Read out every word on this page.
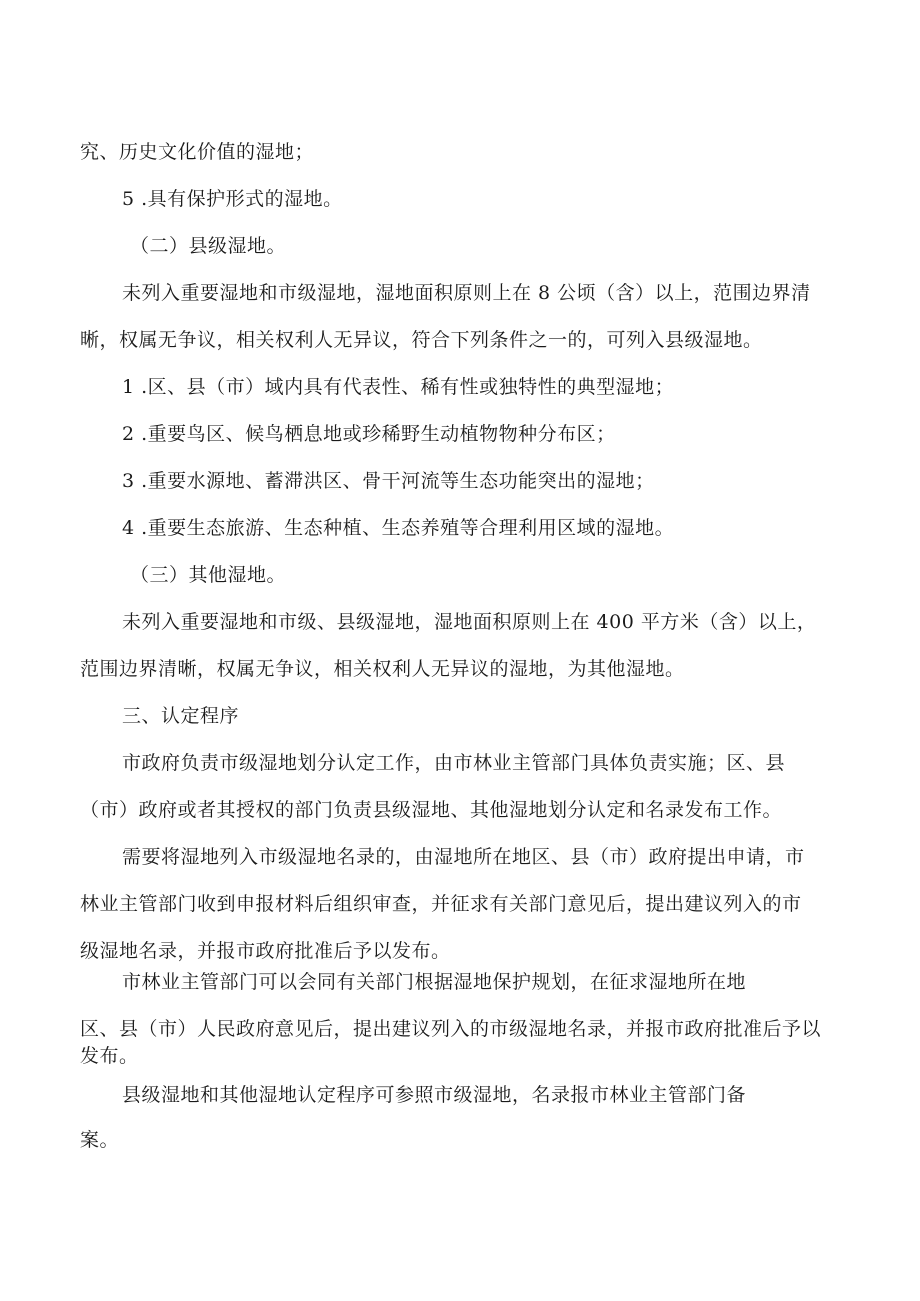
究、历史文化价值的湿地；
5 .具有保护形式的湿地。
（二）县级湿地。
未列入重要湿地和市级湿地，湿地面积原则上在 8 公顷（含）以上，范围边界清
晰，权属无争议，相关权利人无异议，符合下列条件之一的，可列入县级湿地。
1 .区、县（市）域内具有代表性、稀有性或独特性的典型湿地；
2 .重要鸟区、候鸟栖息地或珍稀野生动植物物种分布区；
3 .重要水源地、蓄滞洪区、骨干河流等生态功能突出的湿地；
4 .重要生态旅游、生态种植、生态养殖等合理利用区域的湿地。
（三）其他湿地。
未列入重要湿地和市级、县级湿地，湿地面积原则上在 400 平方米（含）以上，
范围边界清晰，权属无争议，相关权利人无异议的湿地，为其他湿地。
三、认定程序
市政府负责市级湿地划分认定工作，由市林业主管部门具体负责实施；区、县
（市）政府或者其授权的部门负责县级湿地、其他湿地划分认定和名录发布工作。
需要将湿地列入市级湿地名录的，由湿地所在地区、县（市）政府提出申请，市
林业主管部门收到申报材料后组织审查，并征求有关部门意见后，提出建议列入的市
级湿地名录，并报市政府批准后予以发布。
市林业主管部门可以会同有关部门根据湿地保护规划，在征求湿地所在地
区、县（市）人民政府意见后，提出建议列入的市级湿地名录，并报市政府批准后予以
发布。
县级湿地和其他湿地认定程序可参照市级湿地，名录报市林业主管部门备
案。
